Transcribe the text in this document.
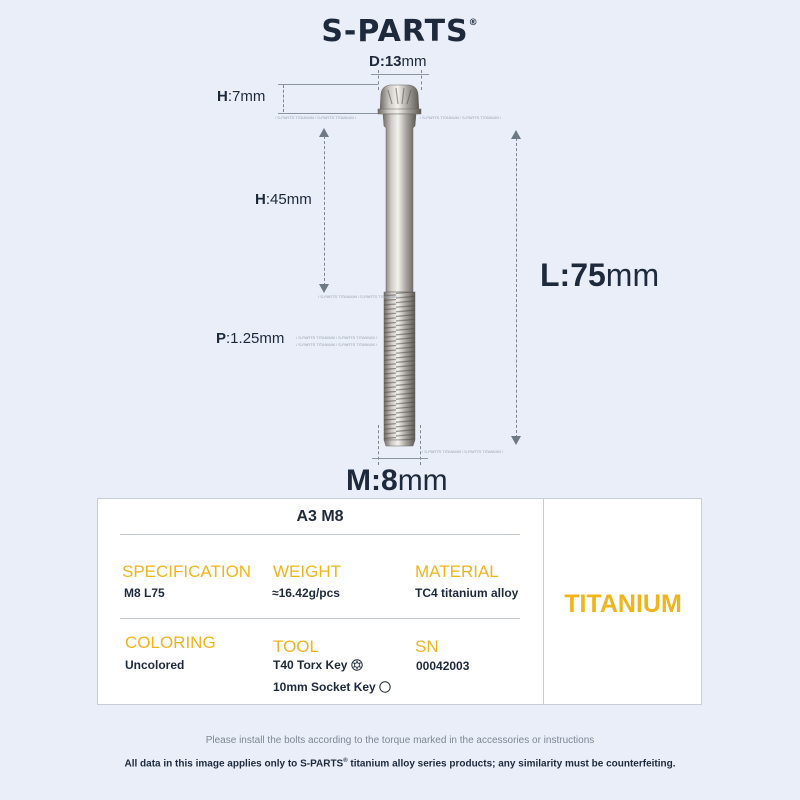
S-PARTS®
D:13mm
H:7mm
/ S-PARTS TITANIUM / S-PARTS TITANIUM /	/ S-PARTS TITANIUM / S-PARTS TITANIUM /
H:45mm
/ S-PARTS TITANIUM / S-PARTS TITANIUM /
L:75mm
P:1.25mm	/ S-PARTS TITANIUM / S-PARTS TITANIUM /
/ S-PARTS TITANIUM / S-PARTS TITANIUM /
/ S-PARTS TITANIUM / S-PARTS TITANIUM /
M:8mm
A3 M8
SPECIFICATION
M8 L75
WEIGHT
≈16.42g/pcs
MATERIAL
TC4 titanium alloy
COLORING
Uncolored
TOOL
T40 Torx Key
10mm Socket Key
SN
00042003
TITANIUM
Please install the bolts according to the torque marked in the accessories or instructions
All data in this image applies only to S-PARTS® titanium alloy series products; any similarity must be counterfeiting.
